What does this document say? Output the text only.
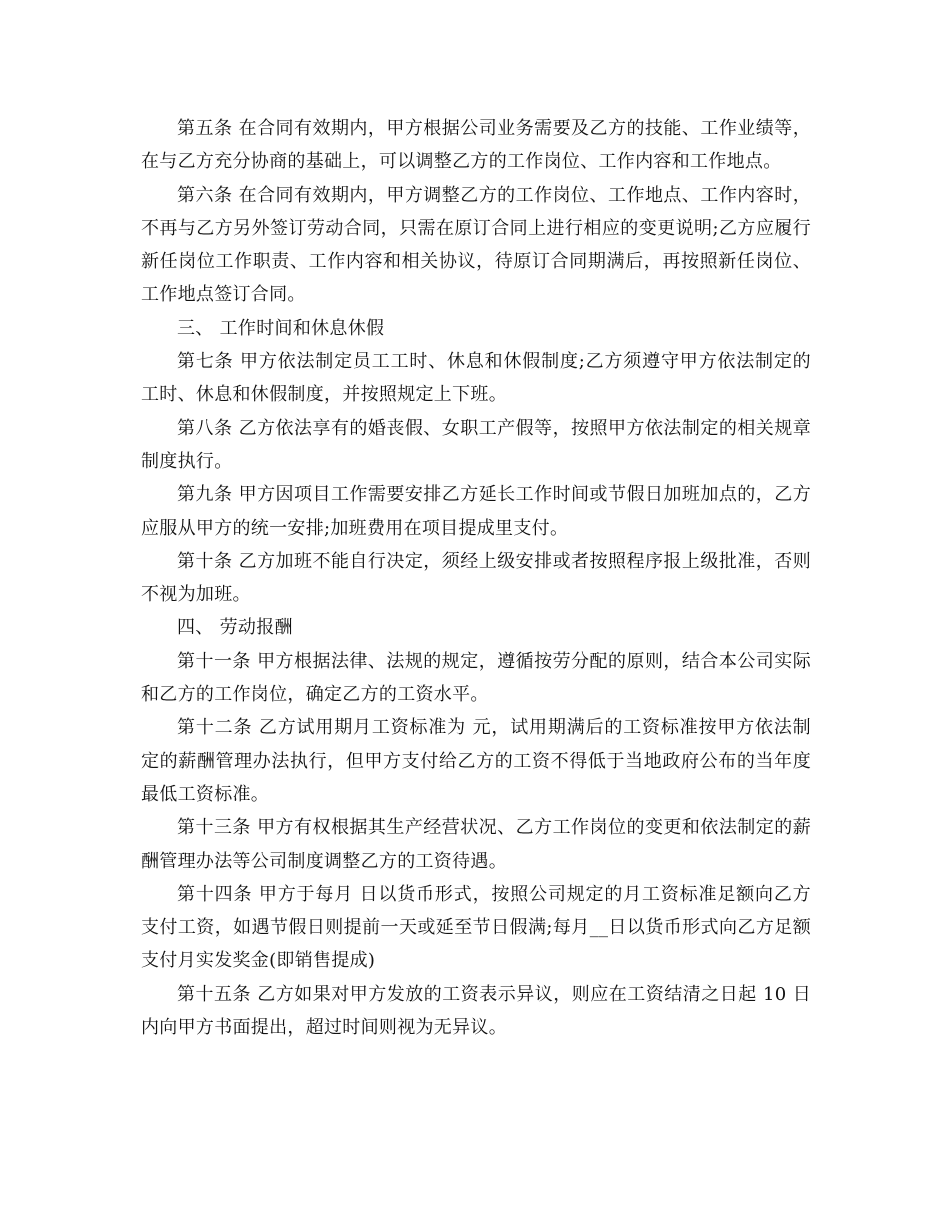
第五条 在合同有效期内，甲方根据公司业务需要及乙方的技能、工作业绩等，在与乙方充分协商的基础上，可以调整乙方的工作岗位、工作内容和工作地点。

第六条 在合同有效期内，甲方调整乙方的工作岗位、工作地点、工作内容时，不再与乙方另外签订劳动合同，只需在原订合同上进行相应的变更说明;乙方应履行新任岗位工作职责、工作内容和相关协议，待原订合同期满后，再按照新任岗位、工作地点签订合同。

三、 工作时间和休息休假

第七条 甲方依法制定员工工时、休息和休假制度;乙方须遵守甲方依法制定的工时、休息和休假制度，并按照规定上下班。

第八条 乙方依法享有的婚丧假、女职工产假等，按照甲方依法制定的相关规章制度执行。

第九条 甲方因项目工作需要安排乙方延长工作时间或节假日加班加点的，乙方应服从甲方的统一安排;加班费用在项目提成里支付。

第十条 乙方加班不能自行决定，须经上级安排或者按照程序报上级批准，否则不视为加班。

四、 劳动报酬

第十一条 甲方根据法律、法规的规定，遵循按劳分配的原则，结合本公司实际和乙方的工作岗位，确定乙方的工资水平。

第十二条 乙方试用期月工资标准为 元，试用期满后的工资标准按甲方依法制定的薪酬管理办法执行，但甲方支付给乙方的工资不得低于当地政府公布的当年度最低工资标准。

第十三条 甲方有权根据其生产经营状况、乙方工作岗位的变更和依法制定的薪酬管理办法等公司制度调整乙方的工资待遇。

第十四条 甲方于每月 日以货币形式，按照公司规定的月工资标准足额向乙方支付工资，如遇节假日则提前一天或延至节日假满;每月__日以货币形式向乙方足额支付月实发奖金(即销售提成)

第十五条 乙方如果对甲方发放的工资表示异议，则应在工资结清之日起 10 日内向甲方书面提出，超过时间则视为无异议。
